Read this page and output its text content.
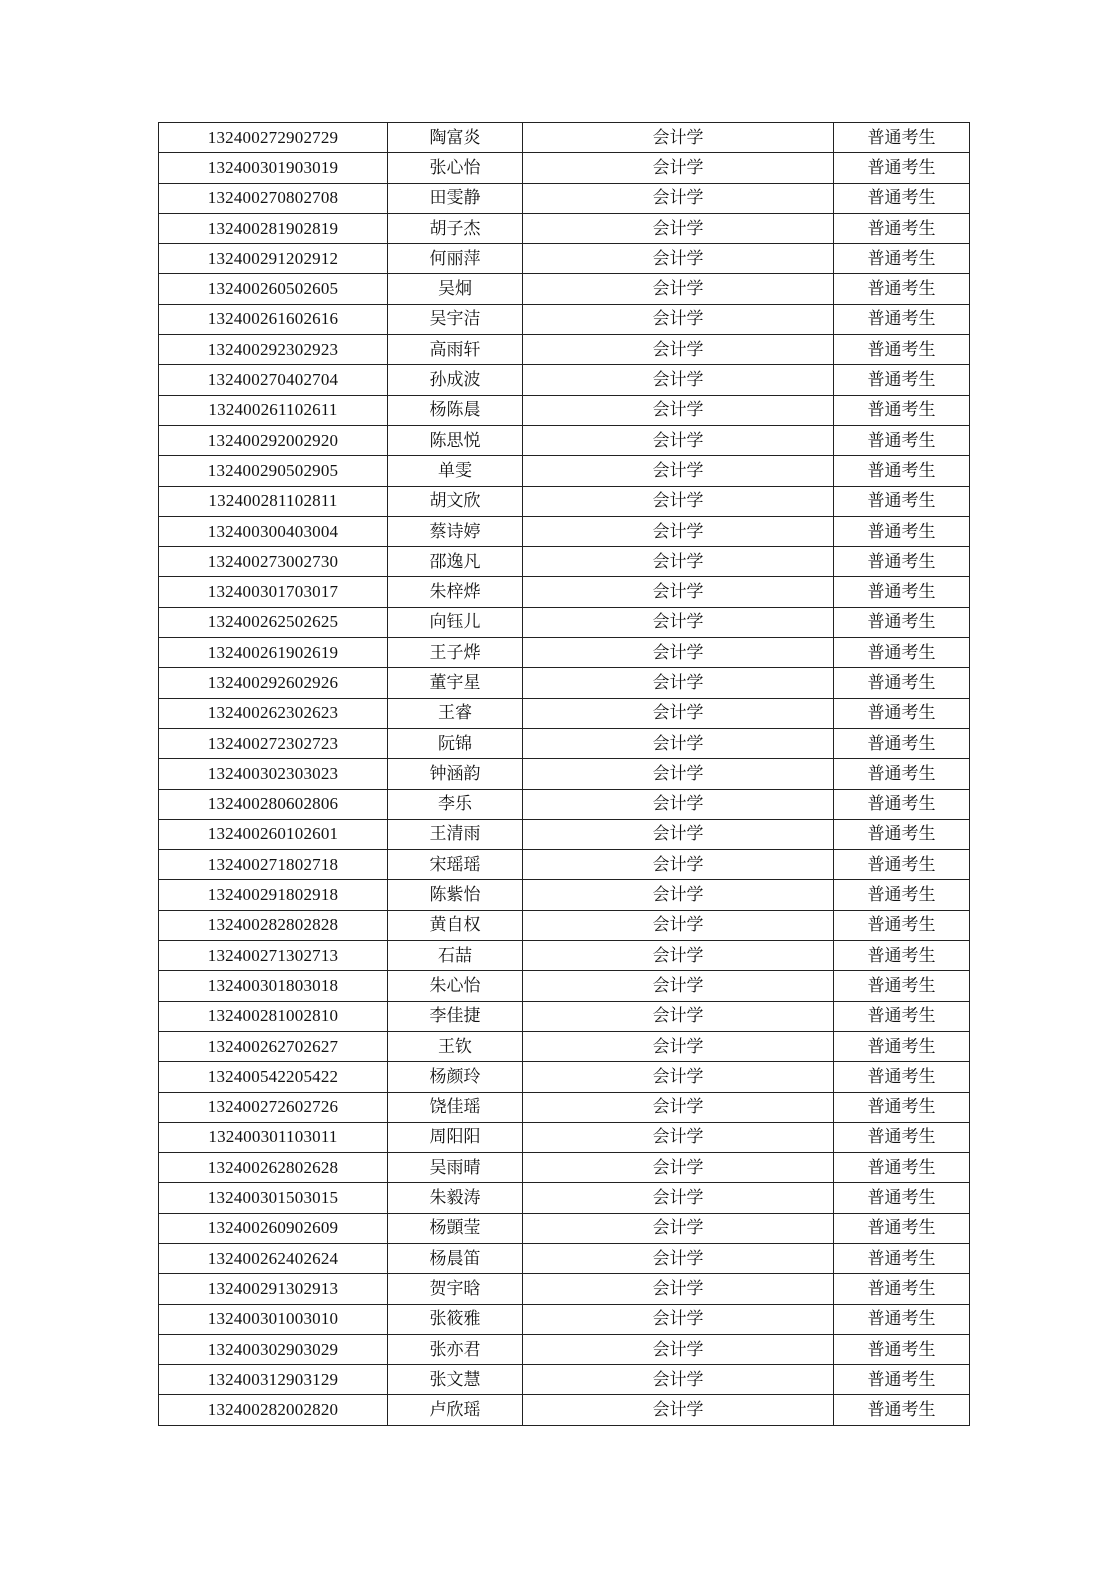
132400272902729	陶富炎	会计学	普通考生
132400301903019	张心怡	会计学	普通考生
132400270802708	田雯静	会计学	普通考生
132400281902819	胡子杰	会计学	普通考生
132400291202912	何丽萍	会计学	普通考生
132400260502605	吴炯	会计学	普通考生
132400261602616	吴宇洁	会计学	普通考生
132400292302923	高雨轩	会计学	普通考生
132400270402704	孙成波	会计学	普通考生
132400261102611	杨陈晨	会计学	普通考生
132400292002920	陈思悦	会计学	普通考生
132400290502905	单雯	会计学	普通考生
132400281102811	胡文欣	会计学	普通考生
132400300403004	蔡诗婷	会计学	普通考生
132400273002730	邵逸凡	会计学	普通考生
132400301703017	朱梓烨	会计学	普通考生
132400262502625	向钰儿	会计学	普通考生
132400261902619	王子烨	会计学	普通考生
132400292602926	董宇星	会计学	普通考生
132400262302623	王睿	会计学	普通考生
132400272302723	阮锦	会计学	普通考生
132400302303023	钟涵韵	会计学	普通考生
132400280602806	李乐	会计学	普通考生
132400260102601	王清雨	会计学	普通考生
132400271802718	宋瑶瑶	会计学	普通考生
132400291802918	陈紫怡	会计学	普通考生
132400282802828	黄自权	会计学	普通考生
132400271302713	石喆	会计学	普通考生
132400301803018	朱心怡	会计学	普通考生
132400281002810	李佳捷	会计学	普通考生
132400262702627	王钦	会计学	普通考生
132400542205422	杨颜玲	会计学	普通考生
132400272602726	饶佳瑶	会计学	普通考生
132400301103011	周阳阳	会计学	普通考生
132400262802628	吴雨晴	会计学	普通考生
132400301503015	朱毅涛	会计学	普通考生
132400260902609	杨顗莹	会计学	普通考生
132400262402624	杨晨笛	会计学	普通考生
132400291302913	贺宇晗	会计学	普通考生
132400301003010	张筱雅	会计学	普通考生
132400302903029	张亦君	会计学	普通考生
132400312903129	张文慧	会计学	普通考生
132400282002820	卢欣瑶	会计学	普通考生
